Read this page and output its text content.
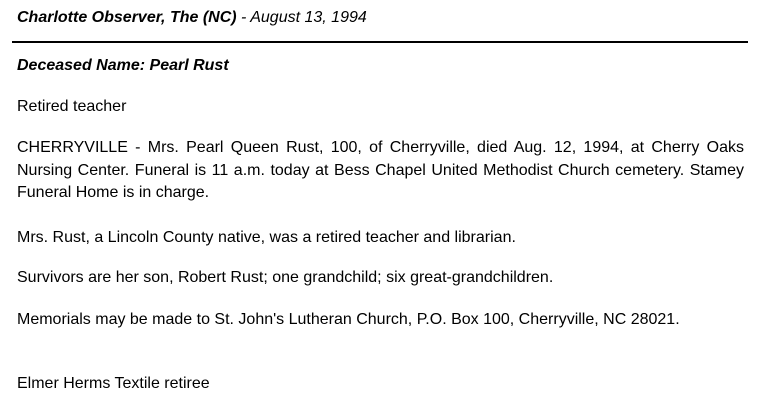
Charlotte Observer, The (NC) - August 13, 1994
Deceased Name: Pearl Rust

Retired teacher

CHERRYVILLE - Mrs. Pearl Queen Rust, 100, of Cherryville, died Aug. 12, 1994, at Cherry Oaks Nursing Center. Funeral is 11 a.m. today at Bess Chapel United Methodist Church cemetery. Stamey Funeral Home is in charge.

Mrs. Rust, a Lincoln County native, was a retired teacher and librarian.

Survivors are her son, Robert Rust; one grandchild; six great-grandchildren.

Memorials may be made to St. John's Lutheran Church, P.O. Box 100, Cherryville, NC 28021.

Elmer Herms Textile retiree
